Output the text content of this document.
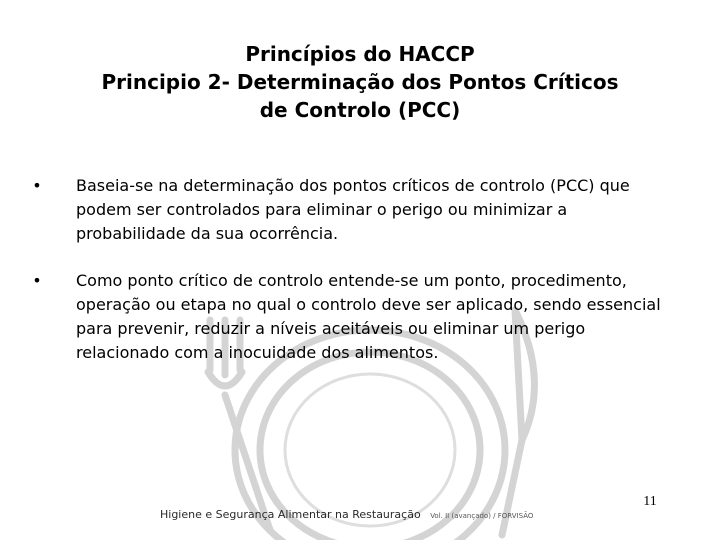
Princípios do HACCP
Principio 2- Determinação dos Pontos Críticos
de Controlo (PCC)
• Baseia-se na determinação dos pontos críticos de controlo (PCC) que podem ser controlados para eliminar o perigo ou minimizar a probabilidade da sua ocorrência.
• Como ponto crítico de controlo entende-se um ponto, procedimento, operação ou etapa no qual o controlo deve ser aplicado, sendo essencial para prevenir, reduzir a níveis aceitáveis ou eliminar um perigo relacionado com a inocuidade dos alimentos.
11
Higiene e Segurança Alimentar na Restauração Vol. II (avançado) / FORVISÃO
